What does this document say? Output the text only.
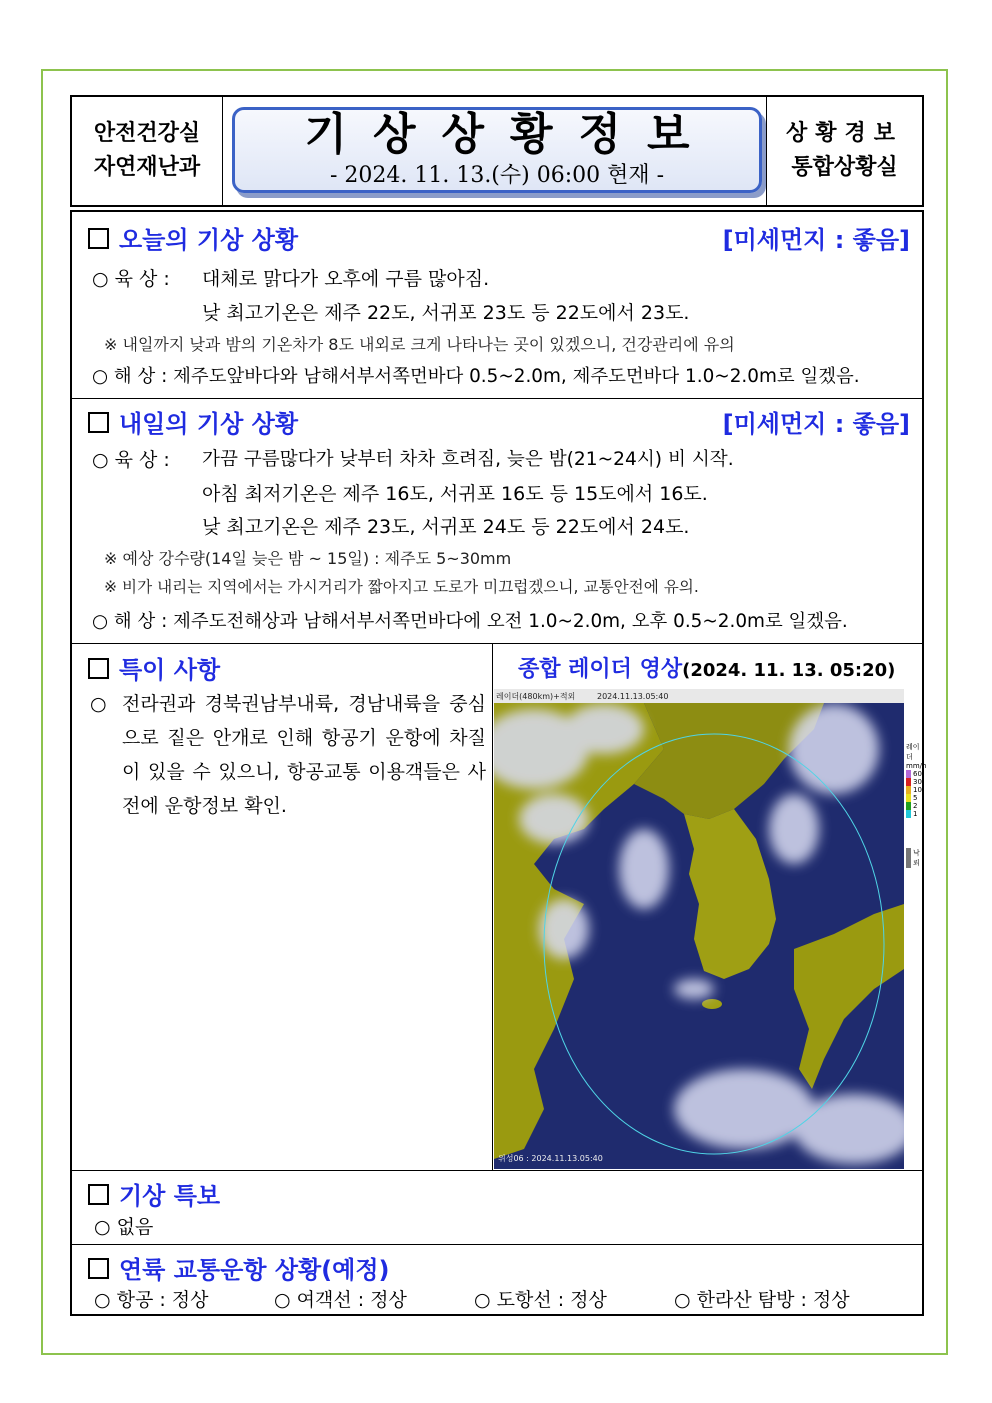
안전건강실
자연재난과
기상상황정보
- 2024. 11. 13.(수) 06:00 현재 -
상황경보
통합상황실
오늘의 기상 상황	[미세먼지 : 좋음]
○ 육 상 : 대체로 맑다가 오후에 구름 많아짐.
낮 최고기온은 제주 22도, 서귀포 23도 등 22도에서 23도.
※ 내일까지 낮과 밤의 기온차가 8도 내외로 크게 나타나는 곳이 있겠으니, 건강관리에 유의
○ 해 상 : 제주도앞바다와 남해서부서쪽먼바다 0.5~2.0m, 제주도먼바다 1.0~2.0m로 일겠음.
내일의 기상 상황	[미세먼지 : 좋음]
○ 육 상 : 가끔 구름많다가 낮부터 차차 흐려짐, 늦은 밤(21~24시) 비 시작.
아침 최저기온은 제주 16도, 서귀포 16도 등 15도에서 16도.
낮 최고기온은 제주 23도, 서귀포 24도 등 22도에서 24도.
※ 예상 강수량(14일 늦은 밤 ~ 15일) : 제주도 5~30mm
※ 비가 내리는 지역에서는 가시거리가 짧아지고 도로가 미끄럽겠으니, 교통안전에 유의.
○ 해 상 : 제주도전해상과 남해서부서쪽먼바다에 오전 1.0~2.0m, 오후 0.5~2.0m로 일겠음.
특이 사항
○ 전라권과 경북권남부내륙, 경남내륙을 중심으로 짙은 안개로 인해 항공기 운항에 차질이 있을 수 있으니, 항공교통 이용객들은 사전에 운항정보 확인.

종합 레이더 영상(2024. 11. 13. 05:20)
레이더(480km)+적외	2024.11.13.05:40
위성06 : 2024.11.13.05:40
레이더
mm/h
60
30
10
5
2
1
낙뢰
기상 특보
○ 없음
연륙 교통운항 상황(예정)
○ 항공 : 정상	○ 여객선 : 정상	○ 도항선 : 정상	○ 한라산 탐방 : 정상
